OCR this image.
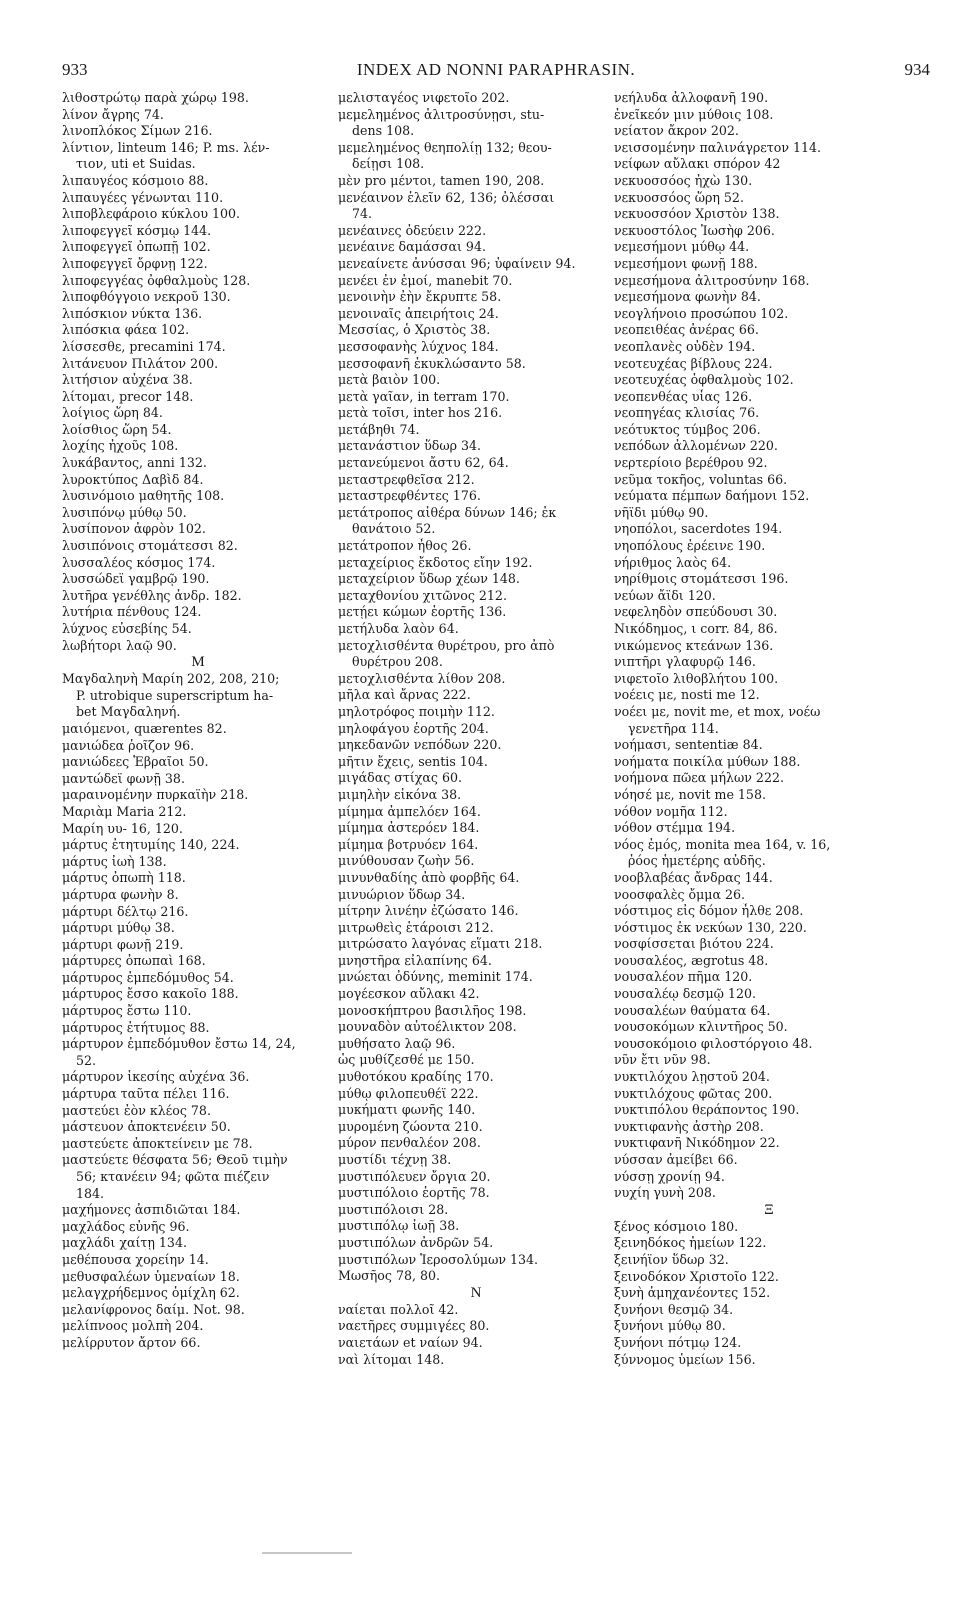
933	INDEX AD NONNI PARAPHRASIN.	934
λιθοστρώτῳ παρὰ χώρῳ 198.
λίνον ἄγρης 74.
λινοπλόκος Σίμων 216.
λίντιον, linteum 146; P. ms. λέν-
τιον, uti et Suidas.
λιπαυγέος κόσμοιο 88.
λιπαυγέες γένωνται 110.
λιποβλεφάροιο κύκλου 100.
λιποφεγγεῖ κόσμῳ 144.
λιποφεγγεῖ ὀπωπῇ 102.
λιποφεγγεῖ ὄρφνῃ 122.
λιποφεγγέας ὀφθαλμοὺς 128.
λιποφθόγγοιο νεκροῦ 130.
λιπόσκιον νύκτα 136.
λιπόσκια φάεα 102.
λίσσεσθε, precamini 174.
λιτάνευον Πιλάτον 200.
λιτήσιον αὐχένα 38.
λίτομαι, precor 148.
λοίγιος ὥρη 84.
λοίσθιος ὥρη 54.
λοχίης ἠχοῦς 108.
λυκάβαντος, anni 132.
λυροκτύπος Δαβὶδ 84.
λυσινόμοιο μαθητῆς 108.
λυσιπόνῳ μύθῳ 50.
λυσίπονον ἀφρὸν 102.
λυσιπόνοις στομάτεσσι 82.
λυσσαλέος κόσμος 174.
λυσσώδεϊ γαμβρῷ 190.
λυτῆρα γενέθλης ἀνδρ. 182.
λυτήρια πένθους 124.
λύχνος εὐσεβίης 54.
λωβήτορι λαῷ 90.
M
Μαγδαληνὴ Μαρίη 202, 208, 210;
P. utrobique superscriptum ha-
bet Μαγδαληνή.
μαιόμενοι, quærentes 82.
μανιώδεα ῥοῖζον 96.
μανιώδεες Ἑβραῖοι 50.
μαντώδεϊ φωνῇ 38.
μαραινομένην πυρκαϊὴν 218.
Μαριὰμ Maria 212.
Μαρίη υυ- 16, 120.
μάρτυς ἐτητυμίης 140, 224.
μάρτυς ἰωὴ 138.
μάρτυς ὀπωπὴ 118.
μάρτυρα φωνὴν 8.
μάρτυρι δέλτῳ 216.
μάρτυρι μύθῳ 38.
μάρτυρι φωνῇ 219.
μάρτυρες ὀπωπαὶ 168.
μάρτυρος ἐμπεδόμυθος 54.
μάρτυρος ἔσσο κακοῖο 188.
μάρτυρος ἔστω 110.
μάρτυρος ἐτήτυμος 88.
μάρτυρον ἐμπεδόμυθον ἔστω 14, 24,
52.
μάρτυρον ἱκεσίης αὐχένα 36.
μάρτυρα ταῦτα πέλει 116.
μαστεύει ἐὸν κλέος 78.
μάστευον ἀποκτενέειν 50.
μαστεύετε ἀποκτείνειν με 78.
μαστεύετε θέσφατα 56; Θεοῦ τιμὴν
56; κτανέειν 94; φῶτα πιέζειν
184.
μαχήμονες ἀσπιδιῶται 184.
μαχλάδος εὐνῆς 96.
μαχλάδι χαίτῃ 134.
μεθέπουσα χορείην 14.
μεθυσφαλέων ὑμεναίων 18.
μελαγχρήδεμνος ὁμίχλη 62.
μελανίφρονος δαίμ. Not. 98.
μελίπνοος μολπὴ 204.
μελίρρυτον ἄρτον 66.
μελισταγέος νιφετοῖο 202.
μεμελημένος ἀλιτροσύνῃσι, stu-
dens 108.
μεμελημένος θεηπολίῃ 132; θεου-
δείῃσι 108.
μὲν pro μέντοι, tamen 190, 208.
μενέαινον ἑλεῖν 62, 136; ὀλέσσαι
74.
μενέαινες ὀδεύειν 222.
μενέαινε δαμάσσαι 94.
μενεαίνετε ἀνύσσαι 96; ὑφαίνειν 94.
μενέει ἐν ἐμοί, manebit 70.
μενοινὴν ἐὴν ἔκρυπτε 58.
μενοιναῖς ἀπειρήτοις 24.
Μεσσίας, ὁ Χριστὸς 38.
μεσσοφανὴς λύχνος 184.
μεσσοφανῆ ἐκυκλώσαντο 58.
μετὰ βαιὸν 100.
μετὰ γαῖαν, in terram 170.
μετὰ τοῖσι, inter hos 216.
μετάβηθι 74.
μετανάστιον ὕδωρ 34.
μετανεύμενοι ἄστυ 62, 64.
μεταστρεφθεῖσα 212.
μεταστρεφθέντες 176.
μετάτροπος αἰθέρα δύνων 146; ἐκ
θανάτοιο 52.
μετάτροπον ἦθος 26.
μεταχείριος ἔκδοτος εἴην 192.
μεταχείριον ὕδωρ χέων 148.
μεταχθονίου χιτῶνος 212.
μετῄει κώμων ἑορτῆς 136.
μετήλυδα λαὸν 64.
μετοχλισθέντα θυρέτρου, pro ἀπὸ
θυρέτρου 208.
μετοχλισθέντα λίθον 208.
μῆλα καὶ ἄρνας 222.
μηλοτρόφος ποιμὴν 112.
μηλοφάγου ἑορτῆς 204.
μηκεδανῶν νεπόδων 220.
μῆτιν ἔχεις, sentis 104.
μιγάδας στίχας 60.
μιμηλὴν εἰκόνα 38.
μίμημα ἀμπελόεν 164.
μίμημα ἀστερόεν 184.
μίμημα βοτρυόεν 164.
μινύθουσαν ζωὴν 56.
μινυνθαδίης ἀπὸ φορβῆς 64.
μινυώριον ὕδωρ 34.
μίτρην λινέην ἐζώσατο 146.
μιτρωθεὶς ἑτάροισι 212.
μιτρώσατο λαγόνας εἵματι 218.
μνηστῆρα εἰλαπίνης 64.
μνώεται ὀδύνης, meminit 174.
μογέεσκον αὔλακι 42.
μονοσκήπτρου βασιλῆος 198.
μουναδὸν αὐτοέλικτον 208.
μυθήσατο λαῷ 96.
ὡς μυθίζεσθέ με 150.
μυθοτόκου κραδίης 170.
μύθῳ φιλοπευθέϊ 222.
μυκήματι φωνῆς 140.
μυρομένη ζώοντα 210.
μύρον πενθαλέον 208.
μυστίδι τέχνῃ 38.
μυστιπόλευεν ὄργια 20.
μυστιπόλοιο ἑορτῆς 78.
μυστιπόλοισι 28.
μυστιπόλῳ ἰωῇ 38.
μυστιπόλων ἀνδρῶν 54.
μυστιπόλων Ἱεροσολύμων 134.
Μωσῆος 78, 80.
N
ναίεται πολλοῖ 42.
ναετῆρες συμμιγέες 80.
ναιετάων et ναίων 94.
ναὶ λίτομαι 148.
νεήλυδα ἀλλοφανῆ 190.
ἐνεῖκεόν μιν μύθοις 108.
νείατον ἄκρον 202.
νεισσομένην παλινάγρετον 114.
νείφων αὔλακι σπόρον 42
νεκυοσσόος ἠχὼ 130.
νεκυοσσόος ὥρη 52.
νεκυοσσόον Χριστὸν 138.
νεκυοστόλος Ἰωσὴφ 206.
νεμεσήμονι μύθῳ 44.
νεμεσήμονι φωνῇ 188.
νεμεσήμονα ἀλιτροσύνην 168.
νεμεσήμονα φωνὴν 84.
νεογλήνοιο προσώπου 102.
νεοπειθέας ἀνέρας 66.
νεοπλανὲς οὐδὲν 194.
νεοτευχέας βίβλους 224.
νεοτευχέας ὀφθαλμοὺς 102.
νεοπενθέας υἷας 126.
νεοπηγέας κλισίας 76.
νεότυκτος τύμβος 206.
νεπόδων ἀλλομένων 220.
νερτερίοιο βερέθρου 92.
νεῦμα τοκῆος, voluntas 66.
νεύματα πέμπων δαήμονι 152.
νῆϊδι μύθῳ 90.
νηοπόλοι, sacerdotes 194.
νηοπόλους ἐρέεινε 190.
νήριθμος λαὸς 64.
νηρίθμοις στομάτεσσι 196.
νεύων ἄϊδι 120.
νεφεληδὸν σπεύδουσι 30.
Νικόδημος, ι corr. 84, 86.
νικώμενος κτεάνων 136.
νιπτῆρι γλαφυρῷ 146.
νιφετοῖο λιθοβλήτου 100.
νοέεις με, nosti me 12.
νοέει με, novit me, et mox, νοέω
γενετῆρα 114.
νοήμασι, sententiæ 84.
νοήματα ποικίλα μύθων 188.
νοήμονα πῶεα μήλων 222.
νόησέ με, novit me 158.
νόθον νομῆα 112.
νόθον στέμμα 194.
νόος ἐμός, monita mea 164, v. 16,
ῥόος ἡμετέρης αὐδῆς.
νοοβλαβέας ἄνδρας 144.
νοοσφαλὲς ὄμμα 26.
νόστιμος εἰς δόμον ἦλθε 208.
νόστιμος ἐκ νεκύων 130, 220.
νοσφίσσεται βιότου 224.
νουσαλέος, ægrotus 48.
νουσαλέον πῆμα 120.
νουσαλέῳ δεσμῷ 120.
νουσαλέων θαύματα 64.
νουσοκόμων κλιντῆρος 50.
νουσοκόμοιο φιλοστόργοιο 48.
νῦν ἔτι νῦν 98.
νυκτιλόχου λῃστοῦ 204.
νυκτιλόχους φῶτας 200.
νυκτιπόλου θεράποντος 190.
νυκτιφανὴς ἀστὴρ 208.
νυκτιφανῆ Νικόδημον 22.
νύσσαν ἀμείβει 66.
νύσσῃ χρονίῃ 94.
νυχίη γυνὴ 208.
Ξ
ξένος κόσμοιο 180.
ξεινηδόκος ἡμείων 122.
ξεινήϊον ὕδωρ 32.
ξεινοδόκον Χριστοῖο 122.
ξυνὴ ἀμηχανέοντες 152.
ξυνήονι θεσμῷ 34.
ξυνήονι μύθῳ 80.
ξυνήονι πότμῳ 124.
ξύννομος ὑμείων 156.
